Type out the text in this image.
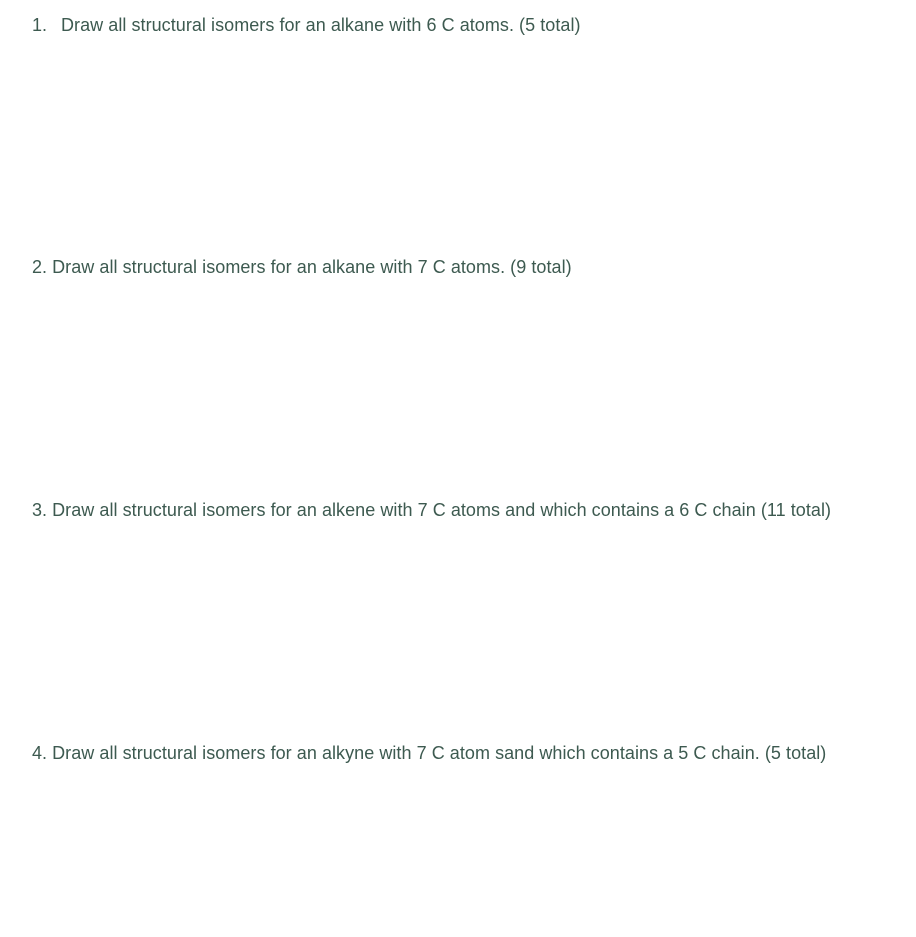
1. Draw all structural isomers for an alkane with 6 C atoms. (5 total)

2. Draw all structural isomers for an alkane with 7 C atoms. (9 total)

3. Draw all structural isomers for an alkene with 7 C atoms and which contains a 6 C chain (11 total)

4. Draw all structural isomers for an alkyne with 7 C atom sand which contains a 5 C chain. (5 total)
